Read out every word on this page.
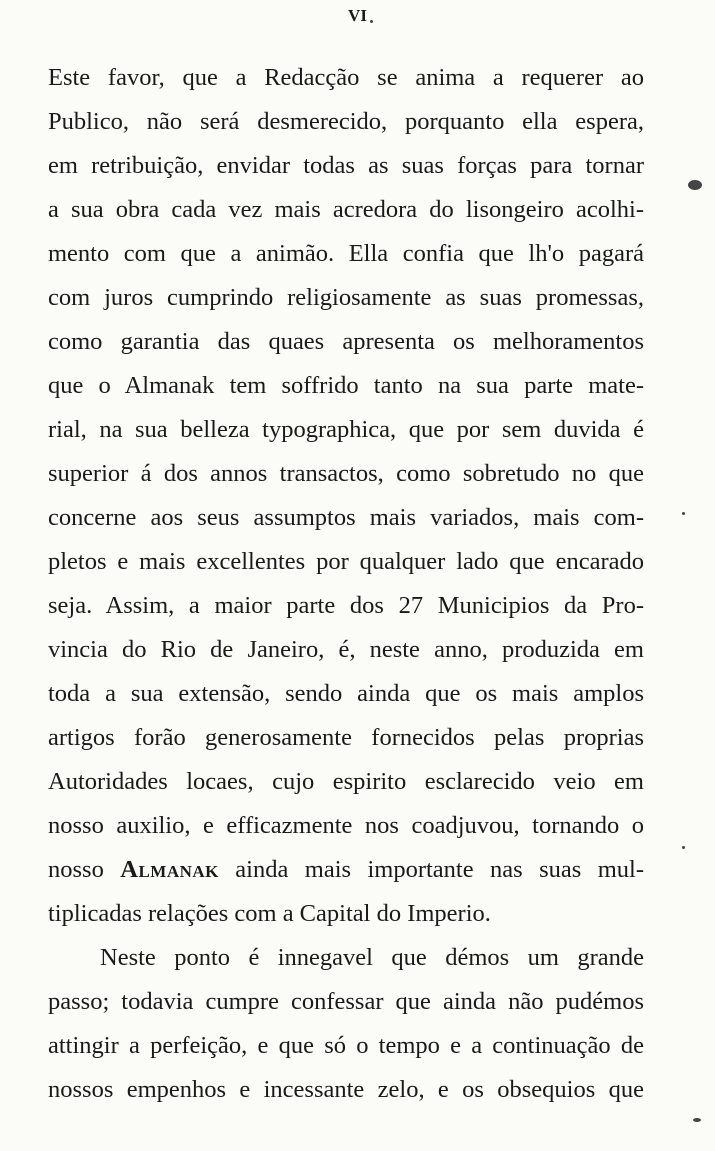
VI
Este favor, que a Redacção se anima a requerer ao
Publico, não será desmerecido, porquanto ella espera,
em retribuição, envidar todas as suas forças para tornar
a sua obra cada vez mais acredora do lisongeiro acolhi-
mento com que a animão. Ella confia que lh'o pagará
com juros cumprindo religiosamente as suas promessas,
como garantia das quaes apresenta os melhoramentos
que o Almanak tem soffrido tanto na sua parte mate-
rial, na sua belleza typographica, que por sem duvida é
superior á dos annos transactos, como sobretudo no que
concerne aos seus assumptos mais variados, mais com-
pletos e mais excellentes por qualquer lado que encarado
seja. Assim, a maior parte dos 27 Municipios da Pro-
vincia do Rio de Janeiro, é, neste anno, produzida em
toda a sua extensão, sendo ainda que os mais amplos
artigos forão generosamente fornecidos pelas proprias
Autoridades locaes, cujo espirito esclarecido veio em
nosso auxilio, e efficazmente nos coadjuvou, tornando o
nosso Almanak ainda mais importante nas suas mul-
tiplicadas relações com a Capital do Imperio.
Neste ponto é innegavel que démos um grande
passo; todavia cumpre confessar que ainda não pudémos
attingir a perfeição, e que só o tempo e a continuação de
nossos empenhos e incessante zelo, e os obsequios que
